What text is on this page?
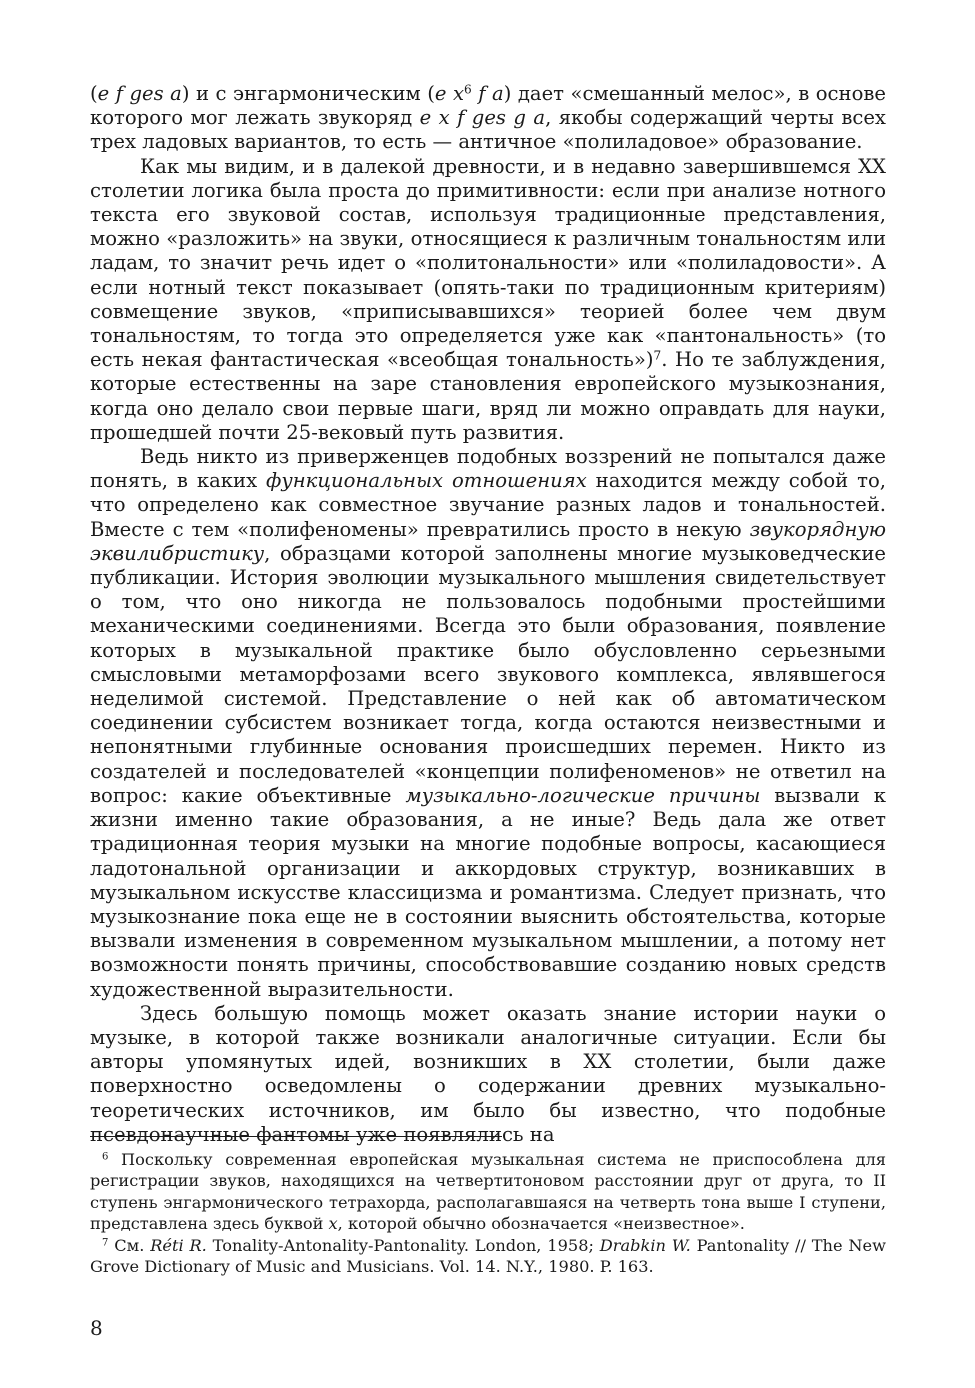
(e f ges a) и с энгармоническим (e $x^6$ f a) дает «смешанный мелос», в основе которого мог лежать звукоряд e x f ges g a, якобы содержащий черты всех трех ладовых вариантов, то есть — античное «полиладовое» образование.

Как мы видим, и в далекой древности, и в недавно завершившемся XX столетии логика была проста до примитивности: если при анализе нотного текста его звуковой состав, используя традиционные представления, можно «разложить» на звуки, относящиеся к различным тональностям или ладам, то значит речь идет о «политональности» или «полиладовости». А если нотный текст показывает (опять-таки по традиционным критериям) совмещение звуков, «приписывавшихся» теорией более чем двум тональностям, то тогда это определяется уже как «пантональность» (то есть некая фантастическая «всеобщая тональность»)$^7$. Но те заблуждения, которые естественны на заре становления европейского музыкознания, когда оно делало свои первые шаги, вряд ли можно оправдать для науки, прошедшей почти 25-вековый путь развития.

Ведь никто из приверженцев подобных воззрений не попытался даже понять, в каких функциональных отношениях находится между собой то, что определено как совместное звучание разных ладов и тональностей. Вместе с тем «полифеномены» превратились просто в некую звукорядную эквилибристику, образцами которой заполнены многие музыковедческие публикации. История эволюции музыкального мышления свидетельствует о том, что оно никогда не пользовалось подобными простейшими механическими соединениями. Всегда это были образования, появление которых в музыкальной практике было обусловленно серьезными смысловыми метаморфозами всего звукового комплекса, являвшегося неделимой системой. Представление о ней как об автоматическом соединении субсистем возникает тогда, когда остаются неизвестными и непонятными глубинные основания происшедших перемен. Никто из создателей и последователей «концепции полифеноменов» не ответил на вопрос: какие объективные музыкально-логические причины вызвали к жизни именно такие образования, а не иные? Ведь дала же ответ традиционная теория музыки на многие подобные вопросы, касающиеся ладотональной организации и аккордовых структур, возникавших в музыкальном искусстве классицизма и романтизма. Следует признать, что музыкознание пока еще не в состоянии выяснить обстоятельства, которые вызвали изменения в современном музыкальном мышлении, а потому нет возможности понять причины, способствовавшие созданию новых средств художественной выразительности.

Здесь большую помощь может оказать знание истории науки о музыке, в которой также возникали аналогичные ситуации. Если бы авторы упомянутых идей, возникших в XX столетии, были даже поверхностно осведомлены о содержании древних музыкально-теоретических источников, им было бы известно, что подобные псевдонаучные фантомы уже появлялись на

$^6$ Поскольку современная европейская музыкальная система не приспособлена для регистрации звуков, находящихся на четвертитоновом расстоянии друг от друга, то II ступень энгармонического тетрахорда, располагавшаяся на четверть тона выше I ступени, представлена здесь буквой x, которой обычно обозначается «неизвестное».

$^7$ См. Réti R. Tonality-Antonality-Pantonality. London, 1958; Drabkin W. Pantonality // The New Grove Dictionary of Music and Musicians. Vol. 14. N.Y., 1980. P. 163.

8
